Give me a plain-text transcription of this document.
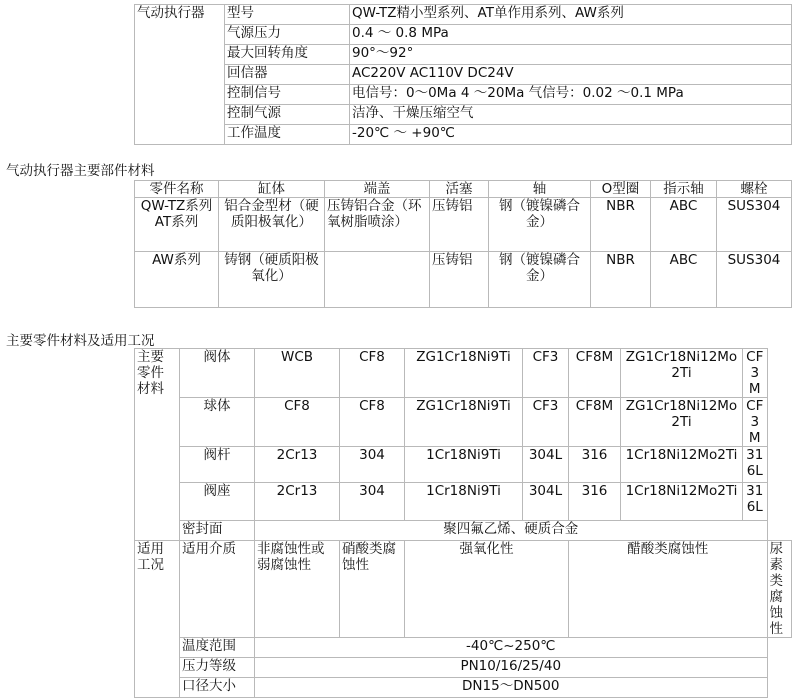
气动执行器	型号	QW-TZ精小型系列、AT单作用系列、AW系列
	气源压力	0.4 ～ 0.8 MPa
	最大回转角度	90°～92°
	回信器	AC220V AC110V DC24V
	控制信号	电信号：0～0Ma 4 ～20Ma 气信号：0.02 ～0.1 MPa
	控制气源	洁净、干燥压缩空气
	工作温度	-20℃ ～ +90℃
气动执行器主要部件材料
零件名称	缸体	端盖	活塞	轴	O型圈	指示轴	螺栓
QW-TZ系列 AT系列	铝合金型材（硬质阳极氧化）	压铸铝合金（环氧树脂喷涂）	压铸铝	钢（镀镍磷合金）	NBR	ABC	SUS304
AW系列	铸钢（硬质阳极氧化）		压铸铝	钢（镀镍磷合金）	NBR	ABC	SUS304
主要零件材料及适用工况
主要零件材料	阀体	WCB	CF8	ZG1Cr18Ni9Ti	CF3	CF8M	ZG1Cr18Ni12Mo2Ti	CF3M	
	球体	CF8	CF8	ZG1Cr18Ni9Ti	CF3	CF8M	ZG1Cr18Ni12Mo2Ti	CF3M	
	阀杆	2Cr13	304	1Cr18Ni9Ti	304L	316	1Cr18Ni12Mo2Ti	316L	
	阀座	2Cr13	304	1Cr18Ni9Ti	304L	316	1Cr18Ni12Mo2Ti	316L	
	密封面	聚四氟乙烯、硬质合金							
适用工况	适用介质	非腐蚀性或弱腐蚀性	硝酸类腐蚀性	强氧化性		醋酸类腐蚀性			尿素类腐蚀性
	温度范围	-40℃~250℃							
	压力等级	PN10/16/25/40							
	口径大小	DN15～DN500							
